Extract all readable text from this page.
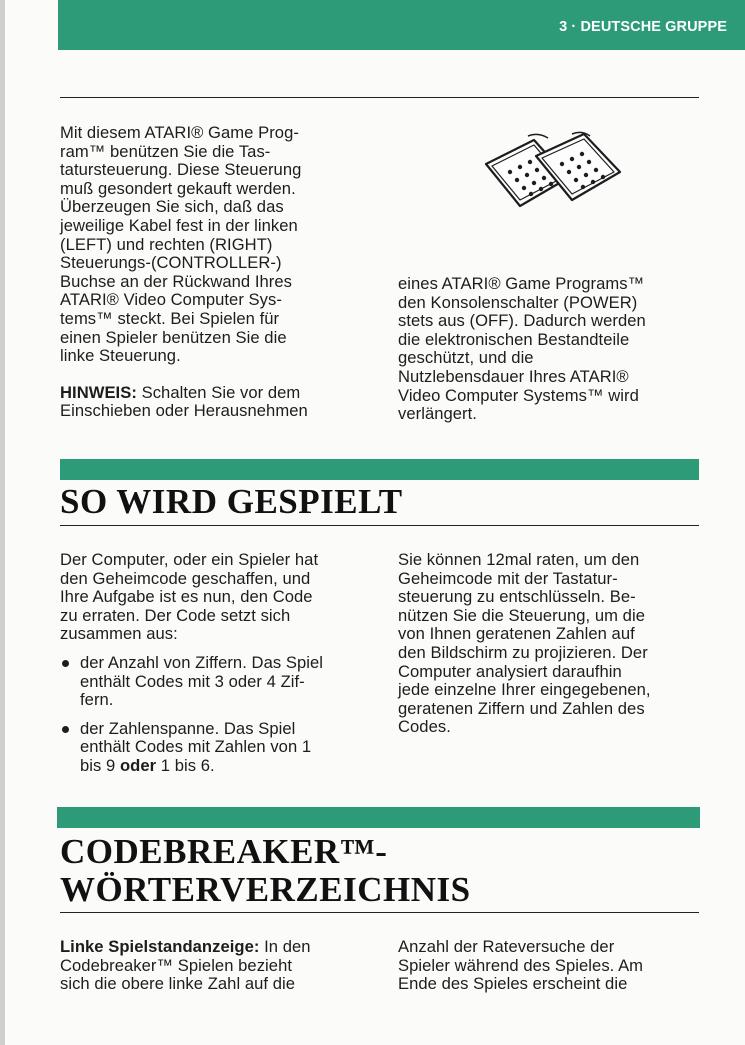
3 · DEUTSCHE GRUPPE

Mit diesem ATARI® Game Prog-

ram™ benützen Sie die Tas-

tatursteuerung. Diese Steuerung

muß gesondert gekauft werden.

Überzeugen Sie sich, daß das

jeweilige Kabel fest in der linken

(LEFT) und rechten (RIGHT)

Steuerungs-(CONTROLLER-)

Buchse an der Rückwand Ihres

ATARI® Video Computer Sys-

tems™ steckt. Bei Spielen für

einen Spieler benützen Sie die

linke Steuerung.

HINWEIS: Schalten Sie vor dem

Einschieben oder Herausnehmen

eines ATARI® Game Programs™

den Konsolenschalter (POWER)

stets aus (OFF). Dadurch werden

die elektronischen Bestandteile

geschützt, und die

Nutzlebensdauer Ihres ATARI®

Video Computer Systems™ wird

verlängert.

SO WIRD GESPIELT

Der Computer, oder ein Spieler hat

den Geheimcode geschaffen, und

Ihre Aufgabe ist es nun, den Code

zu erraten. Der Code setzt sich

zusammen aus:

der Anzahl von Ziffern. Das Spiel

enthält Codes mit 3 oder 4 Zif-

fern.

der Zahlenspanne. Das Spiel

enthält Codes mit Zahlen von 1

bis 9 oder 1 bis 6.

Sie können 12mal raten, um den

Geheimcode mit der Tastatur-

steuerung zu entschlüsseln. Be-

nützen Sie die Steuerung, um die

von Ihnen geratenen Zahlen auf

den Bildschirm zu projizieren. Der

Computer analysiert daraufhin

jede einzelne Ihrer eingegebenen,

geratenen Ziffern und Zahlen des

Codes.

CODEBREAKER™-
WÖRTERVERZEICHNIS

Linke Spielstandanzeige: In den

Codebreaker™ Spielen bezieht

sich die obere linke Zahl auf die

Anzahl der Rateversuche der

Spieler während des Spieles. Am

Ende des Spieles erscheint die
